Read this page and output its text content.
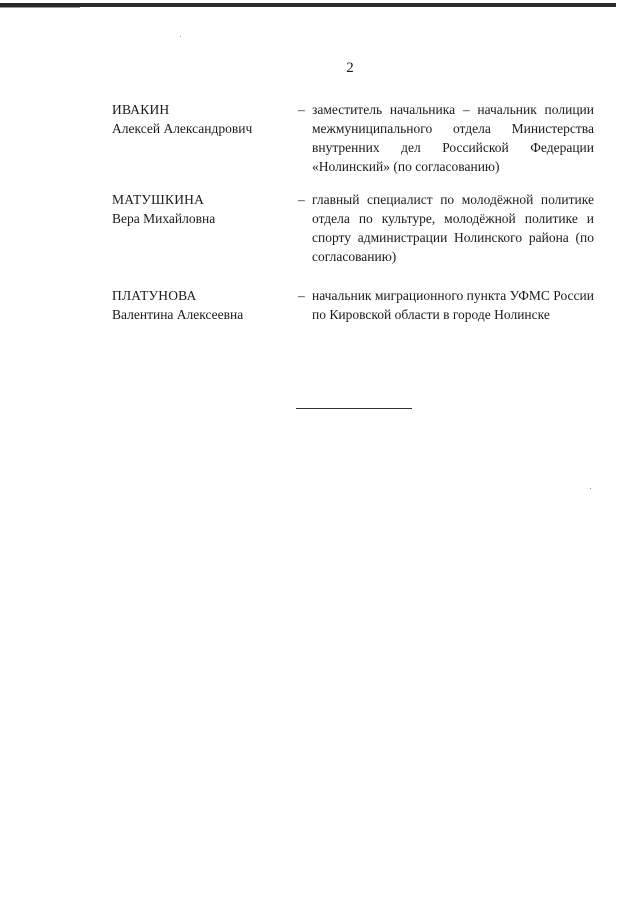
2
ИВАКИН
Алексей Александрович
– заместитель начальника – начальник полиции межмуниципального отдела Министерства внутренних дел Российской Федерации «Нолинский» (по согласованию)
МАТУШКИНА
Вера Михайловна
– главный специалист по молодёжной политике отдела по культуре, молодёжной политике и спорту администрации Нолинского района (по согласованию)
ПЛАТУНОВА
Валентина Алексеевна
– начальник миграционного пункта УФМС России по Кировской области в городе Нолинске
